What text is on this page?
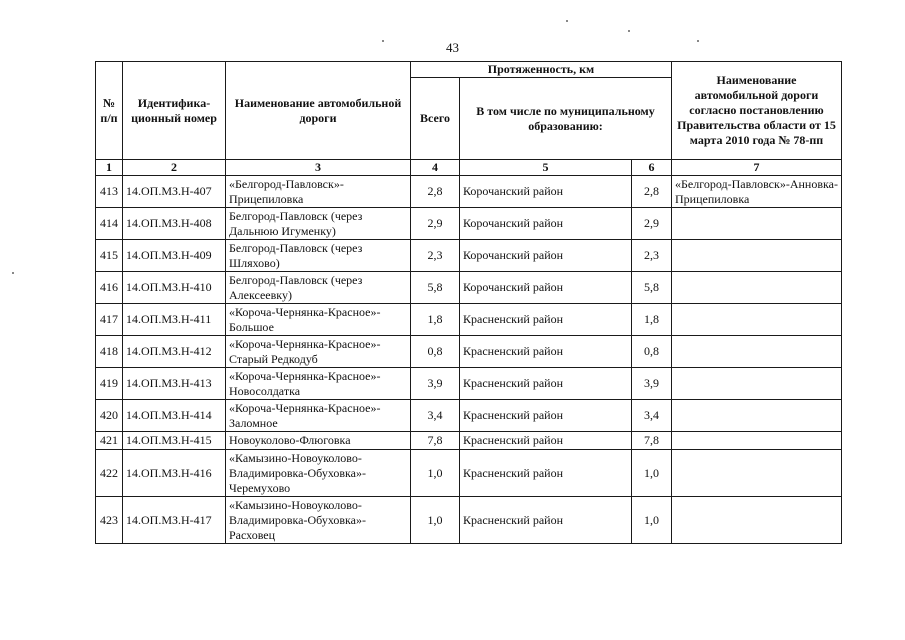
43
№ п/п	Идентифика-ционный номер	Наименование автомобильной дороги	Протяженность, км			Наименование автомобильной дороги согласно постановлению Правительства области от 15 марта 2010 года № 78-пп
			Всего	В том числе по муниципальному образованию:		
1	2	3	4	5	6	7
413	14.ОП.МЗ.Н-407	«Белгород-Павловск»-Прицепиловка	2,8	Корочанский район	2,8	«Белгород-Павловск»-Анновка-Прицепиловка
414	14.ОП.МЗ.Н-408	Белгород-Павловск (через Дальнюю Игуменку)	2,9	Корочанский район	2,9	
415	14.ОП.МЗ.Н-409	Белгород-Павловск (через Шляхово)	2,3	Корочанский район	2,3	
416	14.ОП.МЗ.Н-410	Белгород-Павловск (через Алексеевку)	5,8	Корочанский район	5,8	
417	14.ОП.МЗ.Н-411	«Короча-Чернянка-Красное»-Большое	1,8	Красненский район	1,8	
418	14.ОП.МЗ.Н-412	«Короча-Чернянка-Красное»-Старый Редкодуб	0,8	Красненский район	0,8	
419	14.ОП.МЗ.Н-413	«Короча-Чернянка-Красное»-Новосолдатка	3,9	Красненский район	3,9	
420	14.ОП.МЗ.Н-414	«Короча-Чернянка-Красное»-Заломное	3,4	Красненский район	3,4	
421	14.ОП.МЗ.Н-415	Новоуколово-Флюговка	7,8	Красненский район	7,8	
422	14.ОП.МЗ.Н-416	«Камызино-Новоуколово-Владимировка-Обуховка»-Черемухово	1,0	Красненский район	1,0	
423	14.ОП.МЗ.Н-417	«Камызино-Новоуколово-Владимировка-Обуховка»-Расховец	1,0	Красненский район	1,0	
